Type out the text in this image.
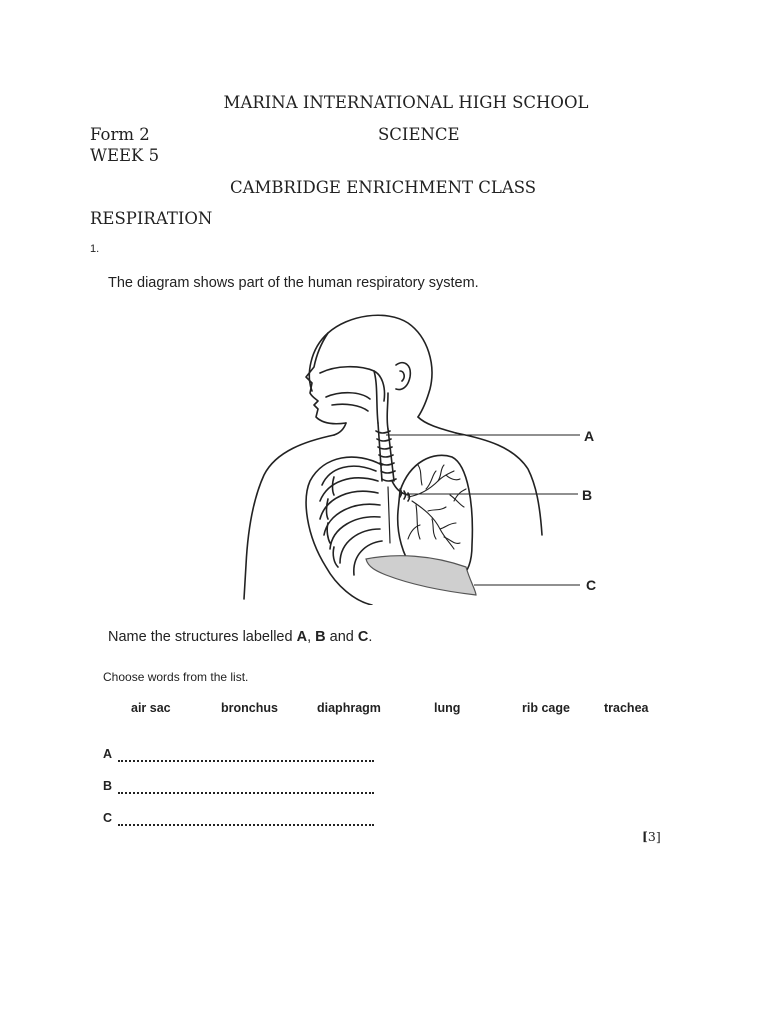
MARINA INTERNATIONAL HIGH SCHOOL
Form 2	SCIENCE
WEEK 5
CAMBRIDGE ENRICHMENT CLASS
RESPIRATION
1.
The diagram shows part of the human respiratory system.
A
B
C
Name the structures labelled A, B and C.
Choose words from the list.
air sac	bronchus	diaphragm	lung	rib cage	trachea
A
B
C
[3]
